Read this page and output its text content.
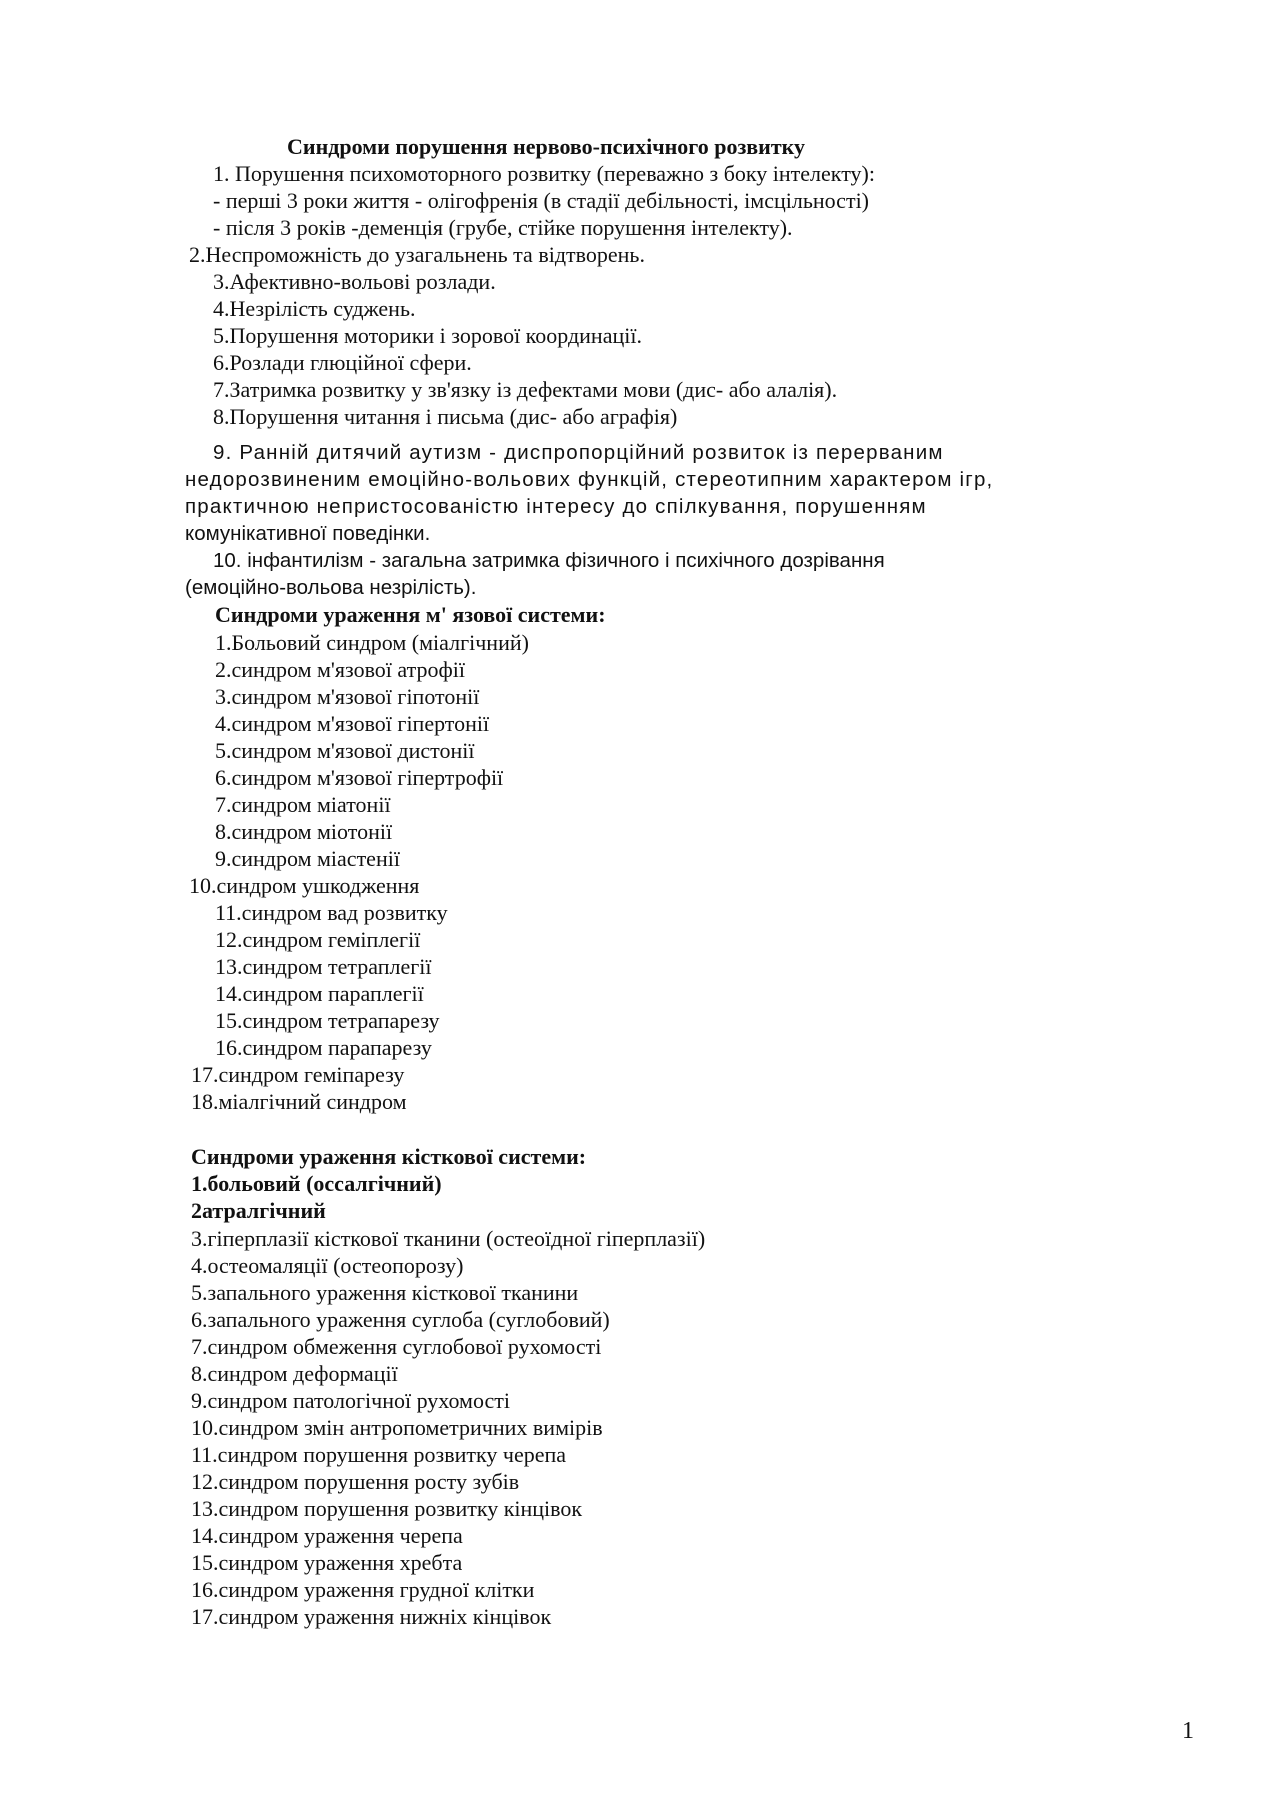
Синдроми порушення нервово-психічного розвитку
1. Порушення психомоторного розвитку (переважно з боку інтелекту):
- перші 3 роки життя - олігофренія (в стадії дебільності, імсцільності)
- після 3 років -деменція (грубе, стійке порушення інтелекту).
2.Неспроможність до узагальнень та відтворень.
3.Афективно-вольові розлади.
4.Незрілість суджень.
5.Порушення моторики і зорової координації.
6.Розлади глюційної сфери.
7.Затримка розвитку у зв'язку із дефектами мови (дис- або алалія).
8.Порушення читання і письма (дис- або аграфія)
9. Ранній дитячий аутизм - диспропорційний розвиток із перерваним
недорозвиненим емоційно-вольових функцій, стереотипним характером ігр,
практичною непристосованістю інтересу до спілкування, порушенням
комунікативної поведінки.
10. інфантилізм - загальна затримка фізичного і психічного дозрівання
(емоційно-вольова незрілість).
Синдроми ураження м' язової системи:
1.Больовий синдром (міалгічний)
2.синдром м'язової атрофії
3.синдром м'язової гіпотонії
4.синдром м'язової гіпертонії
5.синдром м'язової дистонії
6.синдром м'язової гіпертрофії
7.синдром міатонії
8.синдром міотонії
9.синдром міастенії
10.синдром ушкодження
11.синдром вад розвитку
12.синдром геміплегії
13.синдром тетраплегії
14.синдром параплегії
15.синдром тетрапарезу
16.синдром парапарезу
17.синдром геміпарезу
18.міалгічний синдром
Синдроми ураження кісткової системи:
1.больовий (оссалгічний)
2атралгічний
3.гіперплазії кісткової тканини (остеоїдної гіперплазії)
4.остеомаляції (остеопорозу)
5.запального ураження кісткової тканини
6.запального ураження суглоба (суглобовий)
7.синдром обмеження суглобової рухомості
8.синдром деформації
9.синдром патологічної рухомості
10.синдром змін антропометричних вимірів
11.синдром порушення розвитку черепа
12.синдром порушення росту зубів
13.синдром порушення розвитку кінцівок
14.синдром ураження черепа
15.синдром ураження хребта
16.синдром ураження грудної клітки
17.синдром ураження нижніх кінцівок
1
